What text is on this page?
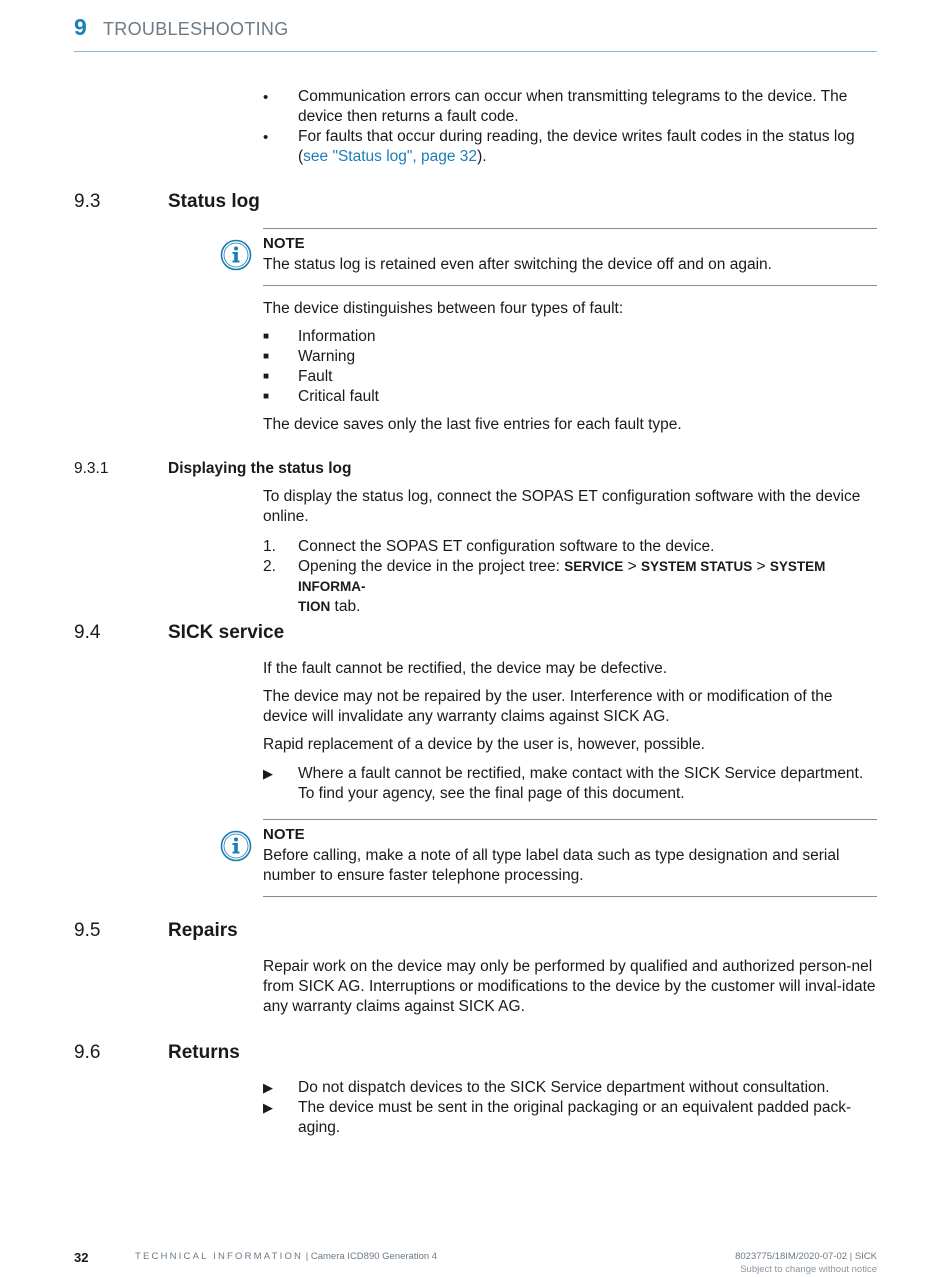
9 TROUBLESHOOTING
•	Communication errors can occur when transmitting telegrams to the device. The device then returns a fault code.
•	For faults that occur during reading, the device writes fault codes in the status log (see "Status log", page 32).
9.3	Status log
NOTE
The status log is retained even after switching the device off and on again.
The device distinguishes between four types of fault:
■	Information
■	Warning
■	Fault
■	Critical fault
The device saves only the last five entries for each fault type.
9.3.1	Displaying the status log
To display the status log, connect the SOPAS ET configuration software with the device online.
1. Connect the SOPAS ET configuration software to the device.
2. Opening the device in the project tree: SERVICE > SYSTEM STATUS > SYSTEM INFORMA-
TION tab.
9.4	SICK service
If the fault cannot be rectified, the device may be defective.
The device may not be repaired by the user. Interference with or modification of the device will invalidate any warranty claims against SICK AG.
Rapid replacement of a device by the user is, however, possible.
▶	Where a fault cannot be rectified, make contact with the SICK Service department. To find your agency, see the final page of this document.
NOTE
Before calling, make a note of all type label data such as type designation and serial number to ensure faster telephone processing.
9.5	Repairs
Repair work on the device may only be performed by qualified and authorized person-nel from SICK AG. Interruptions or modifications to the device by the customer will inval-idate any warranty claims against SICK AG.
9.6	Returns
▶	Do not dispatch devices to the SICK Service department without consultation.
▶	The device must be sent in the original packaging or an equivalent padded pack-aging.
32	TECHNICAL INFORMATION | Camera ICD890 Generation 4	8023775/18IM/2020-07-02 | SICK
Subject to change without notice
